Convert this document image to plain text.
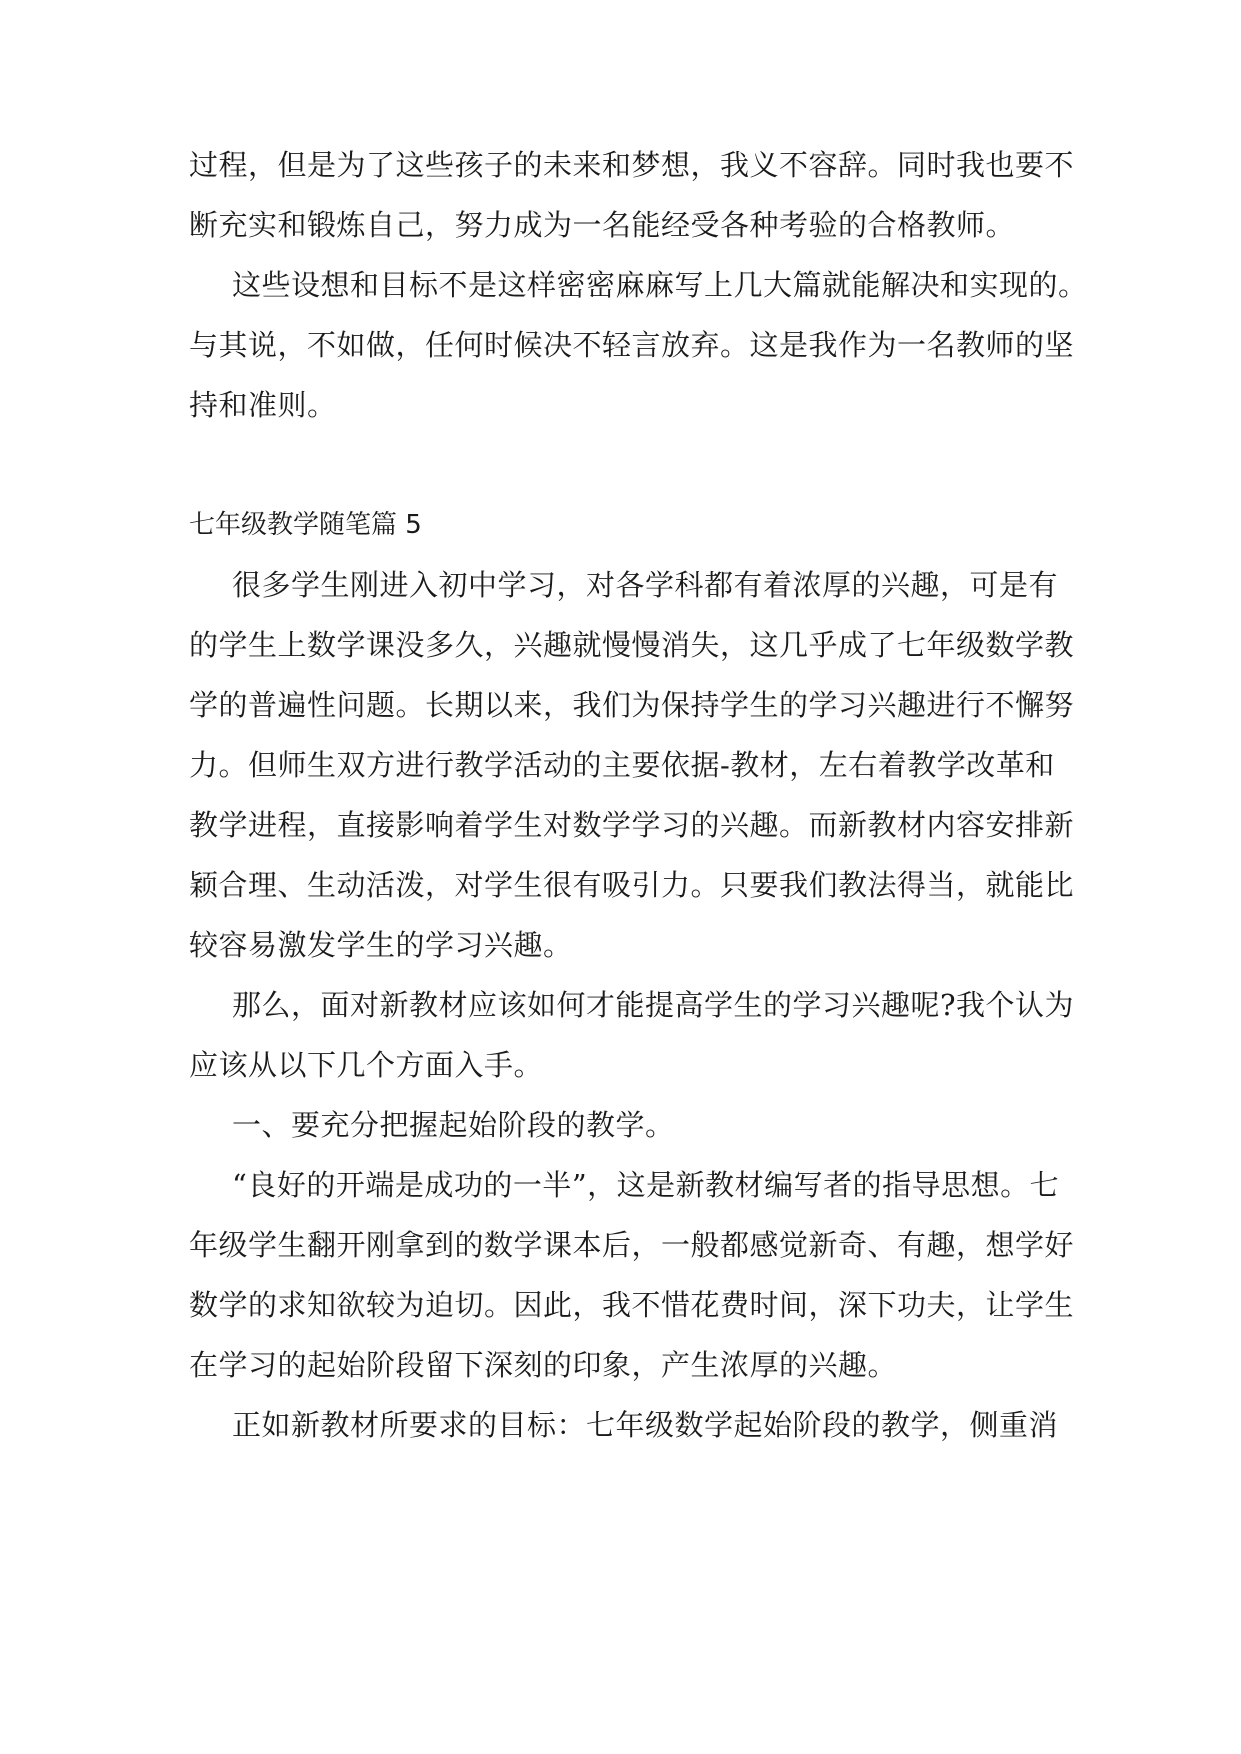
过程，但是为了这些孩子的未来和梦想，我义不容辞。同时我也要不

断充实和锻炼自己，努力成为一名能经受各种考验的合格教师。

这些设想和目标不是这样密密麻麻写上几大篇就能解决和实现的。

与其说，不如做，任何时候决不轻言放弃。这是我作为一名教师的坚

持和准则。

七年级教学随笔篇 5

很多学生刚进入初中学习，对各学科都有着浓厚的兴趣，可是有

的学生上数学课没多久，兴趣就慢慢消失，这几乎成了七年级数学教

学的普遍性问题。长期以来，我们为保持学生的学习兴趣进行不懈努

力。但师生双方进行教学活动的主要依据-教材，左右着教学改革和

教学进程，直接影响着学生对数学学习的兴趣。而新教材内容安排新

颖合理、生动活泼，对学生很有吸引力。只要我们教法得当，就能比

较容易激发学生的学习兴趣。

那么，面对新教材应该如何才能提高学生的学习兴趣呢?我个认为

应该从以下几个方面入手。

一、要充分把握起始阶段的教学。

“良好的开端是成功的一半”，这是新教材编写者的指导思想。七

年级学生翻开刚拿到的数学课本后，一般都感觉新奇、有趣，想学好

数学的求知欲较为迫切。因此，我不惜花费时间，深下功夫，让学生

在学习的起始阶段留下深刻的印象，产生浓厚的兴趣。

正如新教材所要求的目标：七年级数学起始阶段的教学，侧重消
